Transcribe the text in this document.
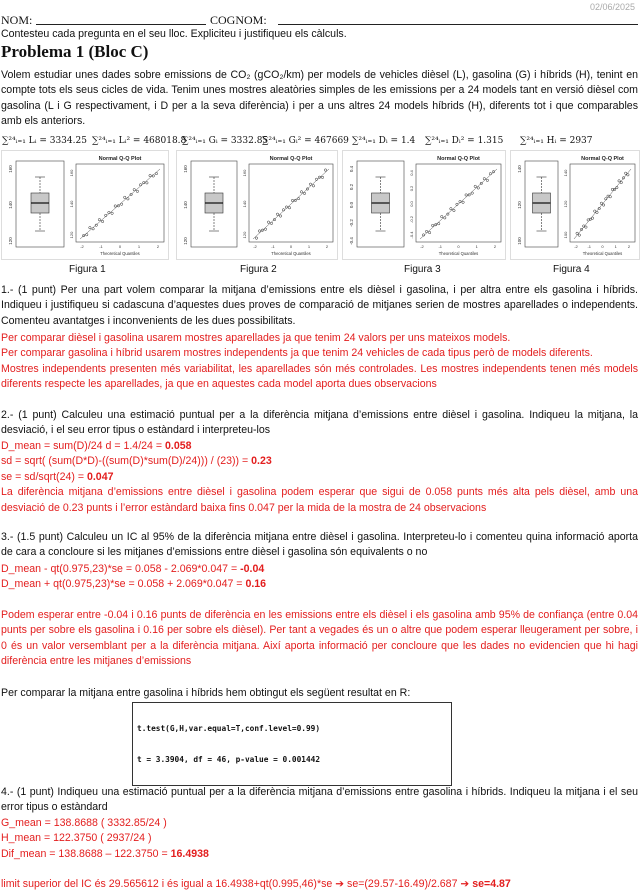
02/06/2025
NOM:	COGNOM:
Contesteu cada pregunta en el seu lloc. Expliciteu i justifiqueu els càlculs.
Problema 1 (Bloc C)

Volem estudiar unes dades sobre emissions de CO₂ (gCO₂/km) per models de vehicles dièsel (L), gasolina (G) i híbrids (H), tenint en compte tots els seus cicles de vida. Tenim unes mostres aleatòries simples de les emissions per a 24 models tant en versió dièsel com gasolina (L i G respectivament, i D per a la seva diferència) i per a uns altres 24 models híbrids (H), diferents tot i que comparables amb els anteriors.

∑²⁴ᵢ₌₁ Lᵢ = 3334.25 ∑²⁴ᵢ₌₁ Lᵢ² = 468018.8
∑²⁴ᵢ₌₁ Gᵢ = 3332.85
∑²⁴ᵢ₌₁ Gᵢ² = 467669 ∑²⁴ᵢ₌₁ Dᵢ = 1.4 ∑²⁴ᵢ₌₁ Dᵢ² = 1.315 ∑²⁴ᵢ₌₁ Hᵢ = 2937
160
140
120
Normal Q-Q Plot
160
140
120
-2	-1	0	1	2
Theoretical Quantiles
160
140
120
Normal Q-Q Plot
160
140
120
-2	-1	0	1	2
Theoretical Quantiles
0.4
0.2
0.0
-0.2
-0.4
Normal Q-Q Plot
0.4
0.2
0.0
-0.2
-0.4
-2	-1	0	1	2
Theoretical Quantiles
140
120
100
Normal Q-Q Plot
140
120
100
-2 -1	0	1	2
Theoretical Quantiles
Figura 1	Figura 2	Figura 3	Figura 4

1.- (1 punt) Per una part volem comparar la mitjana d’emissions entre els dièsel i gasolina, i per altra entre els gasolina i híbrids. Indiqueu i justifiqueu si cadascuna d’aquestes dues proves de comparació de mitjanes serien de mostres aparellades o independents. Comenteu avantatges i inconvenients de les dues possibilitats.

Per comparar dièsel i gasolina usarem mostres aparellades ja que tenim 24 valors per uns mateixos models.
Per comparar gasolina i híbrid usarem mostres independents ja que tenim 24 vehicles de cada tipus però de models diferents.
Mostres independents presenten més variabilitat, les aparellades són més controlades. Les mostres independents tenen més models diferents respecte les aparellades, ja que en aquestes cada model aporta dues observacions

2.- (1 punt) Calculeu una estimació puntual per a la diferència mitjana d’emissions entre dièsel i gasolina. Indiqueu la mitjana, la desviació, i el seu error tipus o estàndard i interpreteu-los

D_mean = sum(D)/24 d = 1.4/24 = 0.058
sd = sqrt( (sum(D*D)-((sum(D)*sum(D)/24))) / (23)) = 0.23
se = sd/sqrt(24) = 0.047
La diferència mitjana d’emissions entre dièsel i gasolina podem esperar que sigui de 0.058 punts més alta pels dièsel, amb una desviació de 0.23 punts i l’error estàndard baixa fins 0.047 per la mida de la mostra de 24 observacions

3.- (1.5 punt) Calculeu un IC al 95% de la diferència mitjana entre dièsel i gasolina. Interpreteu-lo i comenteu quina informació aporta de cara a concloure si les mitjanes d’emissions entre dièsel i gasolina són equivalents o no

D_mean - qt(0.975,23)*se = 0.058 - 2.069*0.047 = -0.04
D_mean + qt(0.975,23)*se = 0.058 + 2.069*0.047 = 0.16

Podem esperar entre -0.04 i 0.16 punts de diferència en les emissions entre els dièsel i els gasolina amb 95% de confiança (entre 0.04 punts per sobre els gasolina i 0.16 per sobre els dièsel). Per tant a vegades és un o altre que podem esperar lleugerament per sobre, i 0 és un valor versemblant per a la diferència mitjana. Així aporta informació per concloure que les dades no evidencien que hi hagi diferència entre les mitjanes d’emissions

Per comparar la mitjana entre gasolina i híbrids hem obtingut els següent resultat en R:

t.test(G,H,var.equal=T,conf.level=0.99)

t = 3.3904, df = 46, p-value = 0.001442

4.- (1 punt) Indiqueu una estimació puntual per a la diferència mitjana d’emissions entre gasolina i híbrids. Indiqueu la mitjana i el seu error tipus o estàndard

G_mean = 138.8688 ( 3332.85/24 )
H_mean = 122.3750 ( 2937/24 )
Dif_mean = 138.8688 – 122.3750 = 16.4938
limit superior del IC és 29.565612 i és igual a 16.4938+qt(0.995,46)*se ➔ se=(29.57-16.49)/2.687 ➔ se=4.87
